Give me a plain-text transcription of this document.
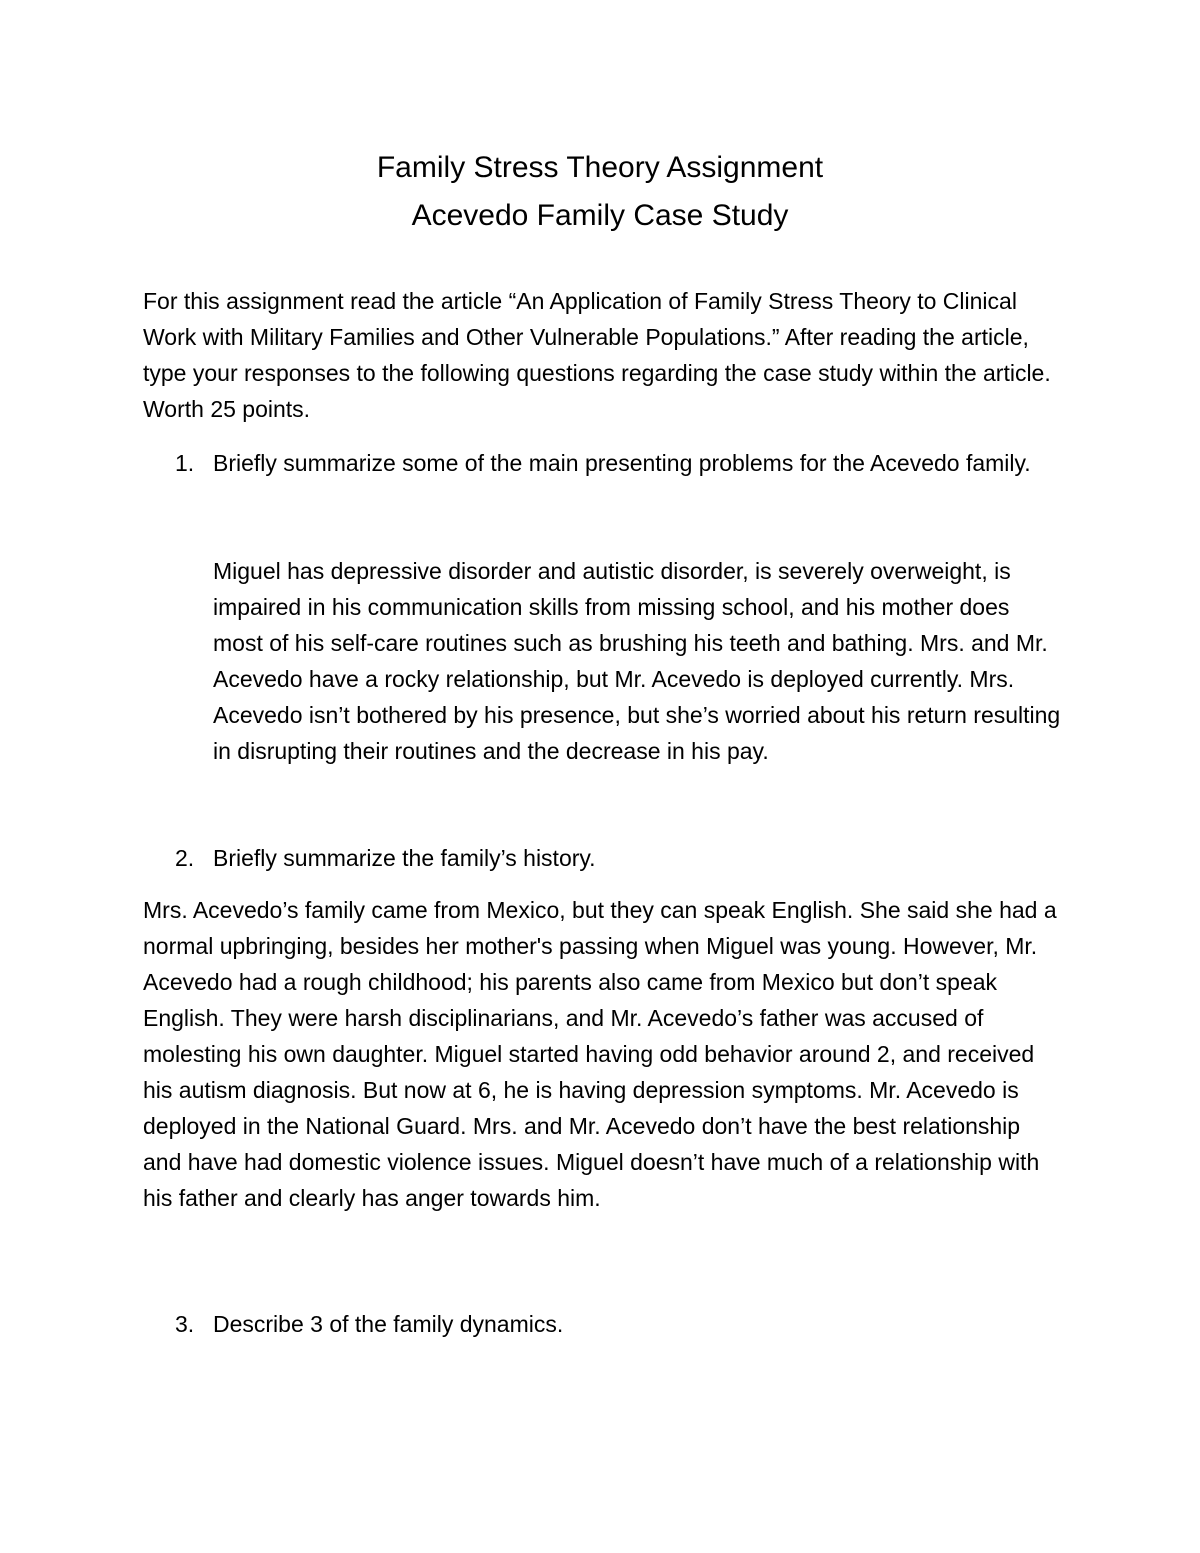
Family Stress Theory Assignment
Acevedo Family Case Study

For this assignment read the article “An Application of Family Stress Theory to Clinical Work with Military Families and Other Vulnerable Populations.” After reading the article, type your responses to the following questions regarding the case study within the article. Worth 25 points.

1. Briefly summarize some of the main presenting problems for the Acevedo family.

Miguel has depressive disorder and autistic disorder, is severely overweight, is impaired in his communication skills from missing school, and his mother does most of his self-care routines such as brushing his teeth and bathing. Mrs. and Mr. Acevedo have a rocky relationship, but Mr. Acevedo is deployed currently. Mrs. Acevedo isn’t bothered by his presence, but she’s worried about his return resulting in disrupting their routines and the decrease in his pay.

2. Briefly summarize the family’s history.

Mrs. Acevedo’s family came from Mexico, but they can speak English. She said she had a normal upbringing, besides her mother's passing when Miguel was young. However, Mr. Acevedo had a rough childhood; his parents also came from Mexico but don’t speak English. They were harsh disciplinarians, and Mr. Acevedo’s father was accused of molesting his own daughter. Miguel started having odd behavior around 2, and received his autism diagnosis. But now at 6, he is having depression symptoms. Mr. Acevedo is deployed in the National Guard. Mrs. and Mr. Acevedo don’t have the best relationship and have had domestic violence issues. Miguel doesn’t have much of a relationship with his father and clearly has anger towards him.

3. Describe 3 of the family dynamics.
